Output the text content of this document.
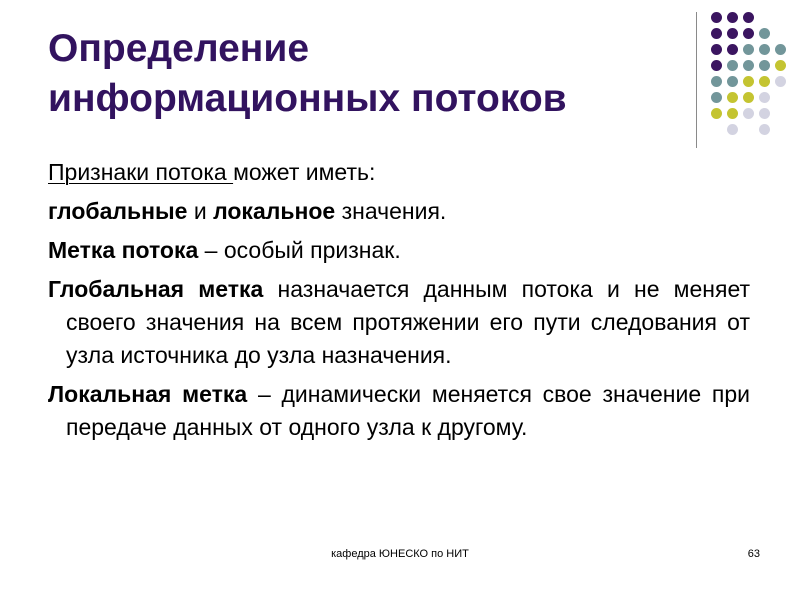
Определение
информационных потоков

Признаки потока может иметь:

глобальные и локальное значения.

Метка потока – особый признак.

Глобальная метка назначается данным потока и не меняет своего значения на всем протяжении его пути следования от узла источника до узла назначения.

Локальная метка – динамически меняется свое значение при передаче данных от одного узла к другому.

кафедра ЮНЕСКО по НИТ	63
